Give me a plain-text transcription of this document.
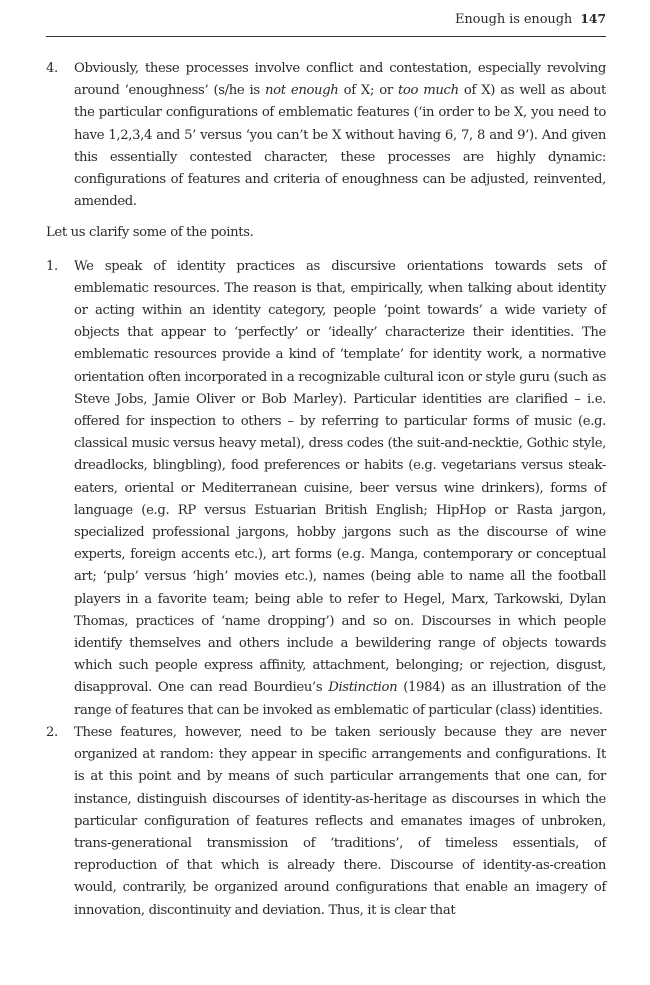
Enough is enough 147
4.	Obviously, these processes involve conflict and contestation, especially revolving around ‘enoughness’ (s/he is not enough of X; or too much of X) as well as about the particular configurations of emblematic features (‘in order to be X, you need to have 1,2,3,4 and 5’ versus ‘you can’t be X without having 6, 7, 8 and 9’). And given this essentially contested character, these processes are highly dynamic: configurations of features and criteria of enoughness can be adjusted, reinvented, amended.

Let us clarify some of the points.

1.	We speak of identity practices as discursive orientations towards sets of emblematic resources. The reason is that, empirically, when talking about identity or acting within an identity category, people ‘point towards’ a wide variety of objects that appear to ‘perfectly’ or ‘ideally’ characterize their identities. The emblematic resources provide a kind of ‘template’ for identity work, a normative orientation often incorporated in a recognizable cultural icon or style guru (such as Steve Jobs, Jamie Oliver or Bob Marley). Particular identities are clarified – i.e. offered for inspection to others – by referring to particular forms of music (e.g. classical music versus heavy metal), dress codes (the suit-and-necktie, Gothic style, dreadlocks, blingbling), food preferences or habits (e.g. vegetarians versus steak-eaters, oriental or Mediterranean cuisine, beer versus wine drinkers), forms of language (e.g. RP versus Estuarian British English; HipHop or Rasta jargon, specialized professional jargons, hobby jargons such as the discourse of wine experts, foreign accents etc.), art forms (e.g. Manga, contemporary or conceptual art; ‘pulp’ versus ‘high’ movies etc.), names (being able to name all the football players in a favorite team; being able to refer to Hegel, Marx, Tarkowski, Dylan Thomas, practices of ‘name dropping’) and so on. Discourses in which people identify themselves and others include a bewildering range of objects towards which such people express affinity, attachment, belonging; or rejection, disgust, disapproval. One can read Bourdieu’s Distinction (1984) as an illustration of the range of features that can be invoked as emblematic of particular (class) identities.

2.	These features, however, need to be taken seriously because they are never organized at random: they appear in specific arrangements and configurations. It is at this point and by means of such particular arrangements that one can, for instance, distinguish discourses of identity-as-heritage as discourses in which the particular configuration of features reflects and emanates images of unbroken, trans-generational transmission of ‘traditions’, of timeless essentials, of reproduction of that which is already there. Discourse of identity-as-creation would, contrarily, be organized around configurations that enable an imagery of innovation, discontinuity and deviation. Thus, it is clear that
